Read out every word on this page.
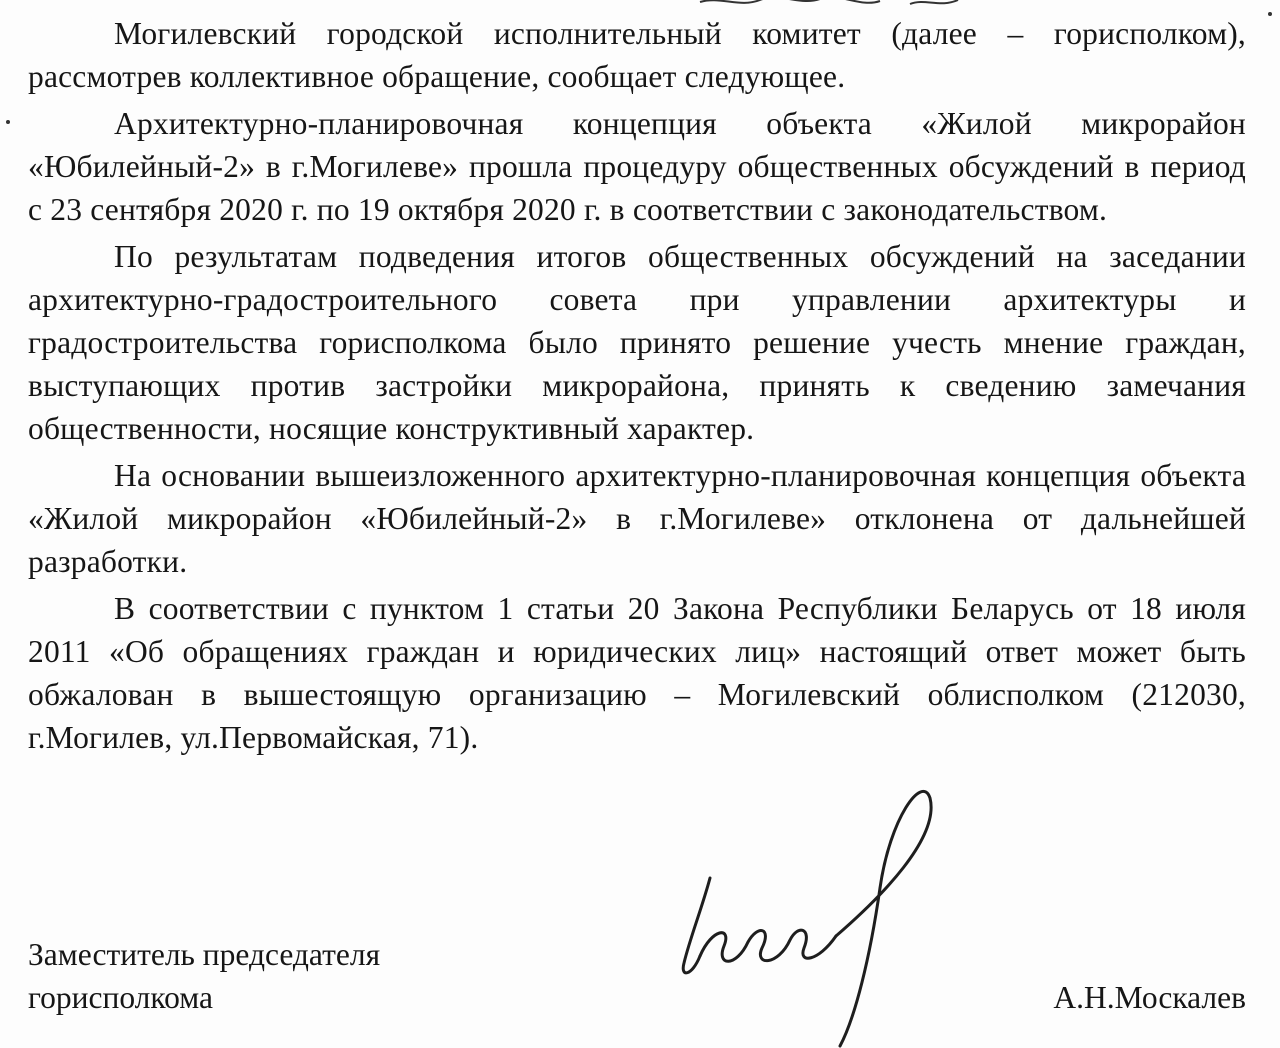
Могилевский городской исполнительный комитет (далее – горисполком), рассмотрев коллективное обращение, сообщает следующее.

Архитектурно-планировочная концепция объекта «Жилой микрорайон «Юбилейный-2» в г.Могилеве» прошла процедуру общественных обсуждений в период с 23 сентября 2020 г. по 19 октября 2020 г. в соответствии с законодательством.

По результатам подведения итогов общественных обсуждений на заседании архитектурно-градостроительного совета при управлении архитектуры и градостроительства горисполкома было принято решение учесть мнение граждан, выступающих против застройки микрорайона, принять к сведению замечания общественности, носящие конструктивный характер.

На основании вышеизложенного архитектурно-планировочная концепция объекта «Жилой микрорайон «Юбилейный-2» в г.Могилеве» отклонена от дальнейшей разработки.

В соответствии с пунктом 1 статьи 20 Закона Республики Беларусь от 18 июля 2011 «Об обращениях граждан и юридических лиц» настоящий ответ может быть обжалован в вышестоящую организацию – Могилевский облисполком (212030, г.Могилев, ул.Первомайская, 71).

Заместитель председателя
горисполкома	А.Н.Москалев
